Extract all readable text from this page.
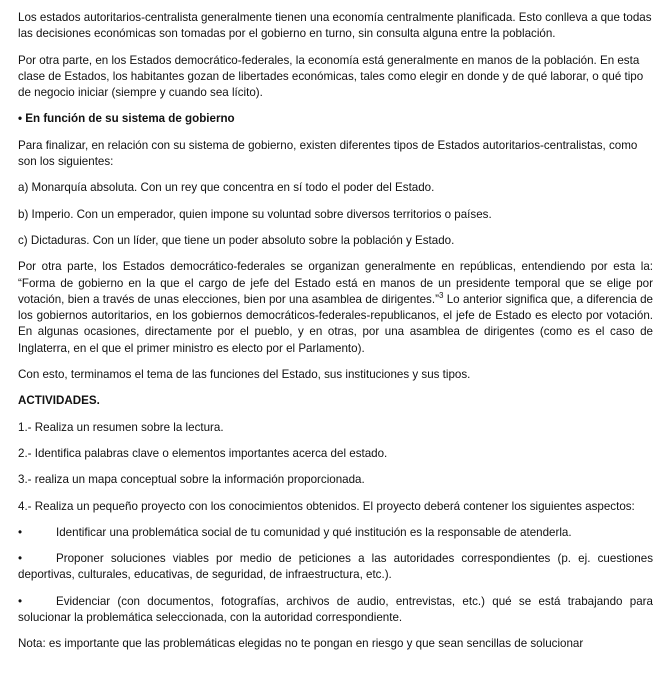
Los estados autoritarios-centralista generalmente tienen una economía centralmente planificada. Esto conlleva a que todas las decisiones económicas son tomadas por el gobierno en turno, sin consulta alguna entre la población.

Por otra parte, en los Estados democrático-federales, la economía está generalmente en manos de la población. En esta clase de Estados, los habitantes gozan de libertades económicas, tales como elegir en donde y de qué laborar, o qué tipo de negocio iniciar (siempre y cuando sea lícito).

• En función de su sistema de gobierno

Para finalizar, en relación con su sistema de gobierno, existen diferentes tipos de Estados autoritarios-centralistas, como son los siguientes:

a) Monarquía absoluta. Con un rey que concentra en sí todo el poder del Estado.

b) Imperio. Con un emperador, quien impone su voluntad sobre diversos territorios o países.

c) Dictaduras. Con un líder, que tiene un poder absoluto sobre la población y Estado.

Por otra parte, los Estados democrático-federales se organizan generalmente en repúblicas, entendiendo por esta la: “Forma de gobierno en la que el cargo de jefe del Estado está en manos de un presidente temporal que se elige por votación, bien a través de unas elecciones, bien por una asamblea de dirigentes.”$^3$ Lo anterior significa que, a diferencia de los gobiernos autoritarios, en los gobiernos democráticos-federales-republicanos, el jefe de Estado es electo por votación. En algunas ocasiones, directamente por el pueblo, y en otras, por una asamblea de dirigentes (como es el caso de Inglaterra, en el que el primer ministro es electo por el Parlamento).

Con esto, terminamos el tema de las funciones del Estado, sus instituciones y sus tipos.

ACTIVIDADES.

1.- Realiza un resumen sobre la lectura.

2.- Identifica palabras clave o elementos importantes acerca del estado.

3.- realiza un mapa conceptual sobre la información proporcionada.

4.- Realiza un pequeño proyecto con los conocimientos obtenidos. El proyecto deberá contener los siguientes aspectos:

•	Identificar una problemática social de tu comunidad y qué institución es la responsable de atenderla.
•	Proponer soluciones viables por medio de peticiones a las autoridades correspondientes (p. ej. cuestiones deportivas, culturales, educativas, de seguridad, de infraestructura, etc.).
•	Evidenciar (con documentos, fotografías, archivos de audio, entrevistas, etc.) qué se está trabajando para solucionar la problemática seleccionada, con la autoridad correspondiente.

Nota: es importante que las problemáticas elegidas no te pongan en riesgo y que sean sencillas de solucionar
